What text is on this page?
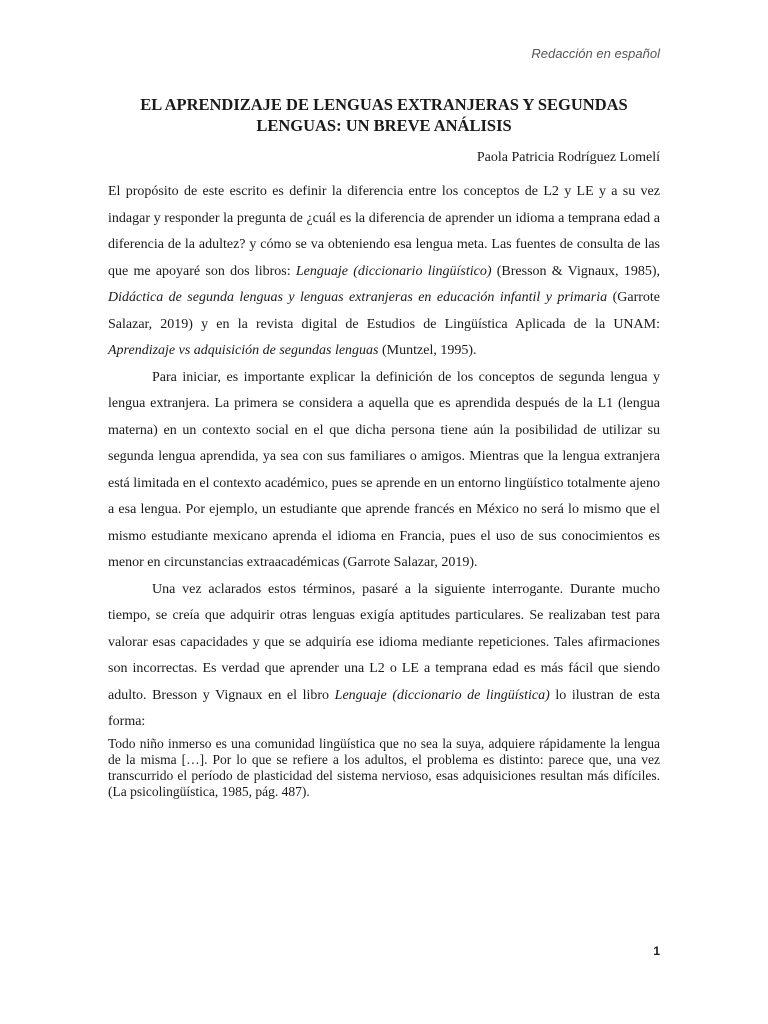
Redacción en español
EL APRENDIZAJE DE LENGUAS EXTRANJERAS Y SEGUNDAS
LENGUAS: UN BREVE ANÁLISIS
Paola Patricia Rodríguez Lomelí

El propósito de este escrito es definir la diferencia entre los conceptos de L2 y LE y a su vez indagar y responder la pregunta de ¿cuál es la diferencia de aprender un idioma a temprana edad a diferencia de la adultez? y cómo se va obteniendo esa lengua meta. Las fuentes de consulta de las que me apoyaré son dos libros: Lenguaje (diccionario lingüístico) (Bresson & Vignaux, 1985), Didáctica de segunda lenguas y lenguas extranjeras en educación infantil y primaria (Garrote Salazar, 2019) y en la revista digital de Estudios de Lingüística Aplicada de la UNAM: Aprendizaje vs adquisición de segundas lenguas (Muntzel, 1995).

Para iniciar, es importante explicar la definición de los conceptos de segunda lengua y lengua extranjera. La primera se considera a aquella que es aprendida después de la L1 (lengua materna) en un contexto social en el que dicha persona tiene aún la posibilidad de utilizar su segunda lengua aprendida, ya sea con sus familiares o amigos. Mientras que la lengua extranjera está limitada en el contexto académico, pues se aprende en un entorno lingüístico totalmente ajeno a esa lengua. Por ejemplo, un estudiante que aprende francés en México no será lo mismo que el mismo estudiante mexicano aprenda el idioma en Francia, pues el uso de sus conocimientos es menor en circunstancias extraacadémicas (Garrote Salazar, 2019).

Una vez aclarados estos términos, pasaré a la siguiente interrogante. Durante mucho tiempo, se creía que adquirir otras lenguas exigía aptitudes particulares. Se realizaban test para valorar esas capacidades y que se adquiría ese idioma mediante repeticiones. Tales afirmaciones son incorrectas. Es verdad que aprender una L2 o LE a temprana edad es más fácil que siendo adulto. Bresson y Vignaux en el libro Lenguaje (diccionario de lingüística) lo ilustran de esta forma:

Todo niño inmerso es una comunidad lingüística que no sea la suya, adquiere rápidamente la lengua de la misma […]. Por lo que se refiere a los adultos, el problema es distinto: parece que, una vez transcurrido el período de plasticidad del sistema nervioso, esas adquisiciones resultan más difíciles. (La psicolingüística, 1985, pág. 487).

1
